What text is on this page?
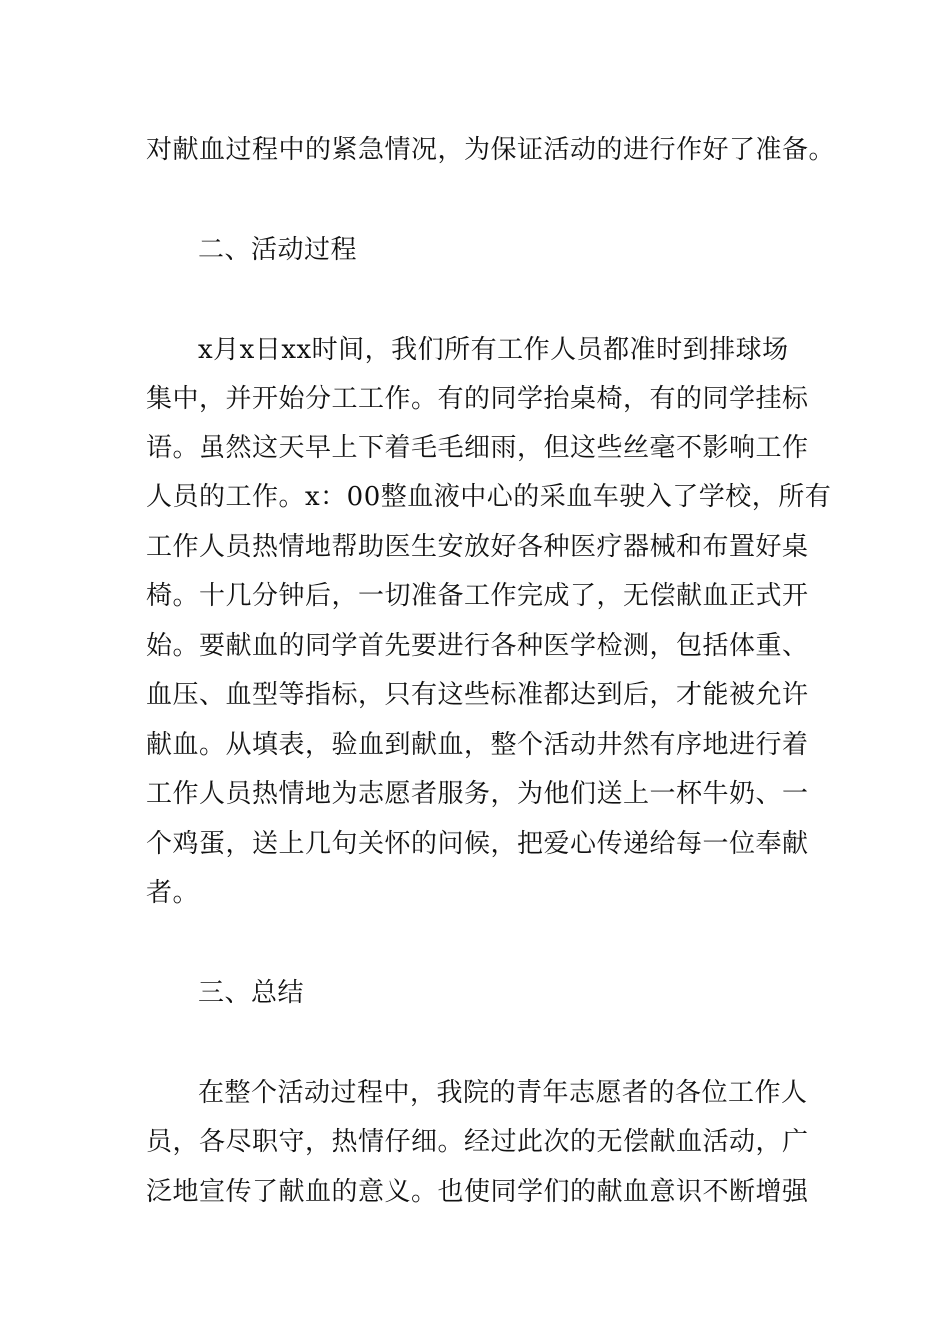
对献血过程中的紧急情况，为保证活动的进行作好了准备。
二、活动过程
x月x日xx时间，我们所有工作人员都准时到排球场
集中，并开始分工工作。有的同学抬桌椅，有的同学挂标
语。虽然这天早上下着毛毛细雨，但这些丝毫不影响工作
人员的工作。x：00整血液中心的采血车驶入了学校，所有
工作人员热情地帮助医生安放好各种医疗器械和布置好桌
椅。十几分钟后，一切准备工作完成了，无偿献血正式开
始。要献血的同学首先要进行各种医学检测，包括体重、
血压、血型等指标，只有这些标准都达到后，才能被允许
献血。从填表，验血到献血，整个活动井然有序地进行着
工作人员热情地为志愿者服务，为他们送上一杯牛奶、一
个鸡蛋，送上几句关怀的问候，把爱心传递给每一位奉献
者。
三、总结
在整个活动过程中，我院的青年志愿者的各位工作人
员，各尽职守，热情仔细。经过此次的无偿献血活动，广
泛地宣传了献血的意义。也使同学们的献血意识不断增强
